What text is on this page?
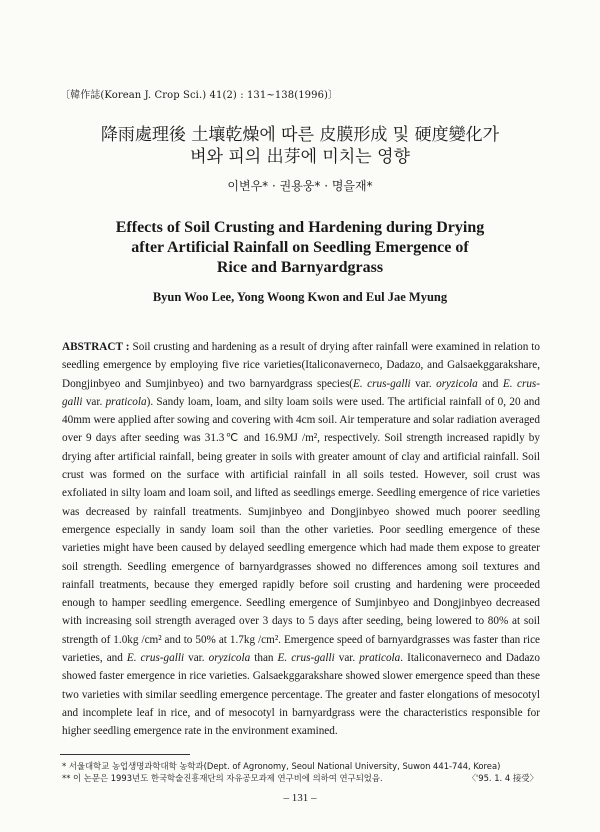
〔韓作誌(Korean J. Crop Sci.) 41(2) : 131~138(1996)〕
降雨處理後 土壤乾燥에 따른 皮膜形成 및 硬度變化가
벼와 피의 出芽에 미치는 영향
이변우* · 권용웅* · 명을재*
Effects of Soil Crusting and Hardening during Drying
after Artificial Rainfall on Seedling Emergence of
Rice and Barnyardgrass
Byun Woo Lee, Yong Woong Kwon and Eul Jae Myung

ABSTRACT : Soil crusting and hardening as a result of drying after rainfall were examined in relation to seedling emergence by employing five rice varieties(Italiconaverneco, Dadazo, and Galsaekggarakshare, Dongjinbyeo and Sumjinbyeo) and two barnyardgrass species(E. crus-galli var. oryzicola and E. crus-galli var. praticola). Sandy loam, loam, and silty loam soils were used. The artificial rainfall of 0, 20 and 40mm were applied after sowing and covering with 4cm soil. Air temperature and solar radiation averaged over 9 days after seeding was 31.3℃ and 16.9MJ /m², respectively. Soil strength increased rapidly by drying after artificial rainfall, being greater in soils with greater amount of clay and artificial rainfall. Soil crust was formed on the surface with artificial rainfall in all soils tested. However, soil crust was exfoliated in silty loam and loam soil, and lifted as seedlings emerge. Seedling emergence of rice varieties was decreased by rainfall treatments. Sumjinbyeo and Dongjinbyeo showed much poorer seedling emergence especially in sandy loam soil than the other varieties. Poor seedling emergence of these varieties might have been caused by delayed seedling emergence which had made them expose to greater soil strength. Seedling emergence of barnyardgrasses showed no differences among soil textures and rainfall treatments, because they emerged rapidly before soil crusting and hardening were proceeded enough to hamper seedling emergence. Seedling emergence of Sumjinbyeo and Dongjinbyeo decreased with increasing soil strength averaged over 3 days to 5 days after seeding, being lowered to 80% at soil strength of 1.0kg /cm² and to 50% at 1.7kg /cm². Emergence speed of barnyardgrasses was faster than rice varieties, and E. crus-galli var. oryzicola than E. crus-galli var. praticola. Italiconaverneco and Dadazo showed faster emergence in rice varieties. Galsaekggarakshare showed slower emergence speed than these two varieties with similar seedling emergence percentage. The greater and faster elongations of mesocotyl and incomplete leaf in rice, and of mesocotyl in barnyardgrass were the characteristics responsible for higher seedling emergence rate in the environment examined.

* 서울대학교 농업생명과학대학 농학과(Dept. of Agronomy, Seoul National University, Suwon 441-744, Korea)
** 이 논문은 1993년도 한국학술진흥재단의 자유공모과제 연구비에 의하여 연구되었음.	〈'95. 1. 4 接受〉
– 131 –
